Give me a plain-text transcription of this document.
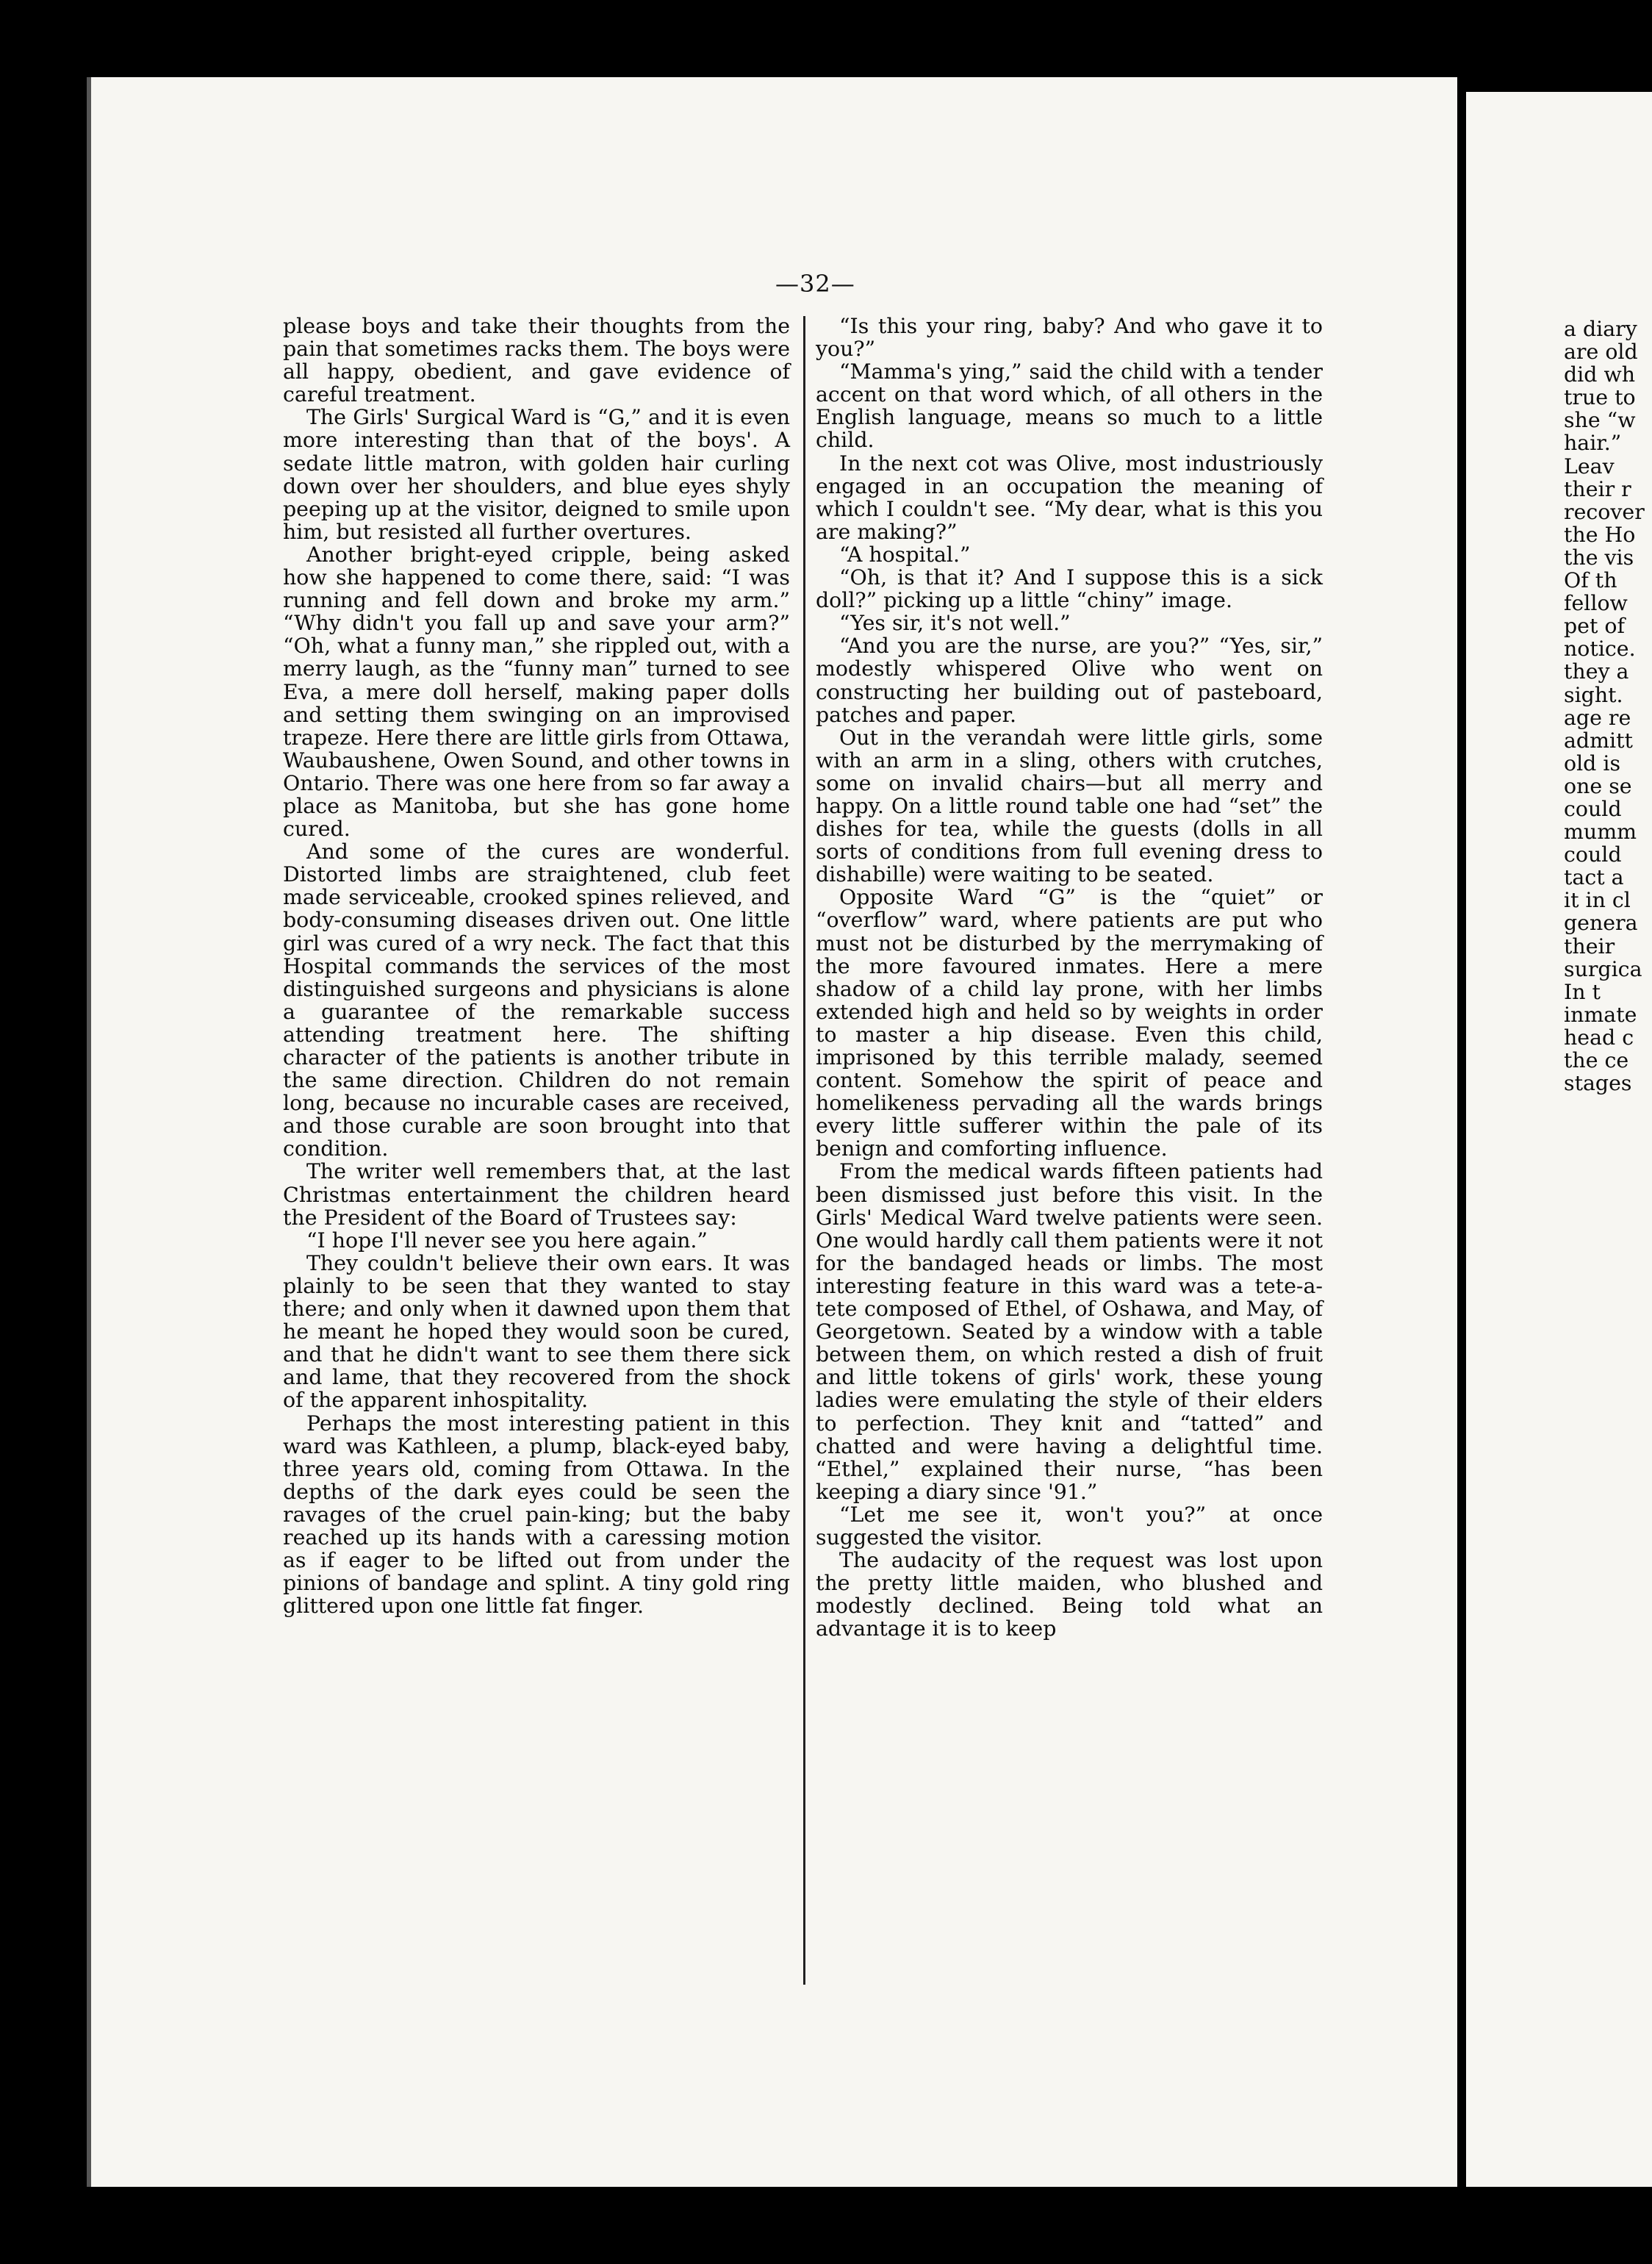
—32—

please boys and take their thoughts from the pain that sometimes racks them. The boys were all happy, obedient, and gave evidence of careful treatment.

The Girls' Surgical Ward is “G,” and it is even more interesting than that of the boys'. A sedate little matron, with golden hair curling down over her shoulders, and blue eyes shyly peeping up at the visitor, deigned to smile upon him, but resisted all further overtures.

Another bright-eyed cripple, being asked how she happened to come there, said: “I was running and fell down and broke my arm.” “Why didn't you fall up and save your arm?” “Oh, what a funny man,” she rippled out, with a merry laugh, as the “funny man” turned to see Eva, a mere doll herself, making paper dolls and setting them swinging on an improvised trapeze. Here there are little girls from Ottawa, Waubaushene, Owen Sound, and other towns in Ontario. There was one here from so far away a place as Manitoba, but she has gone home cured.

And some of the cures are wonderful. Distorted limbs are straightened, club feet made serviceable, crooked spines relieved, and body-consuming diseases driven out. One little girl was cured of a wry neck. The fact that this Hospital commands the services of the most distinguished surgeons and physicians is alone a guarantee of the remarkable success attending treatment here. The shifting character of the patients is another tribute in the same direction. Children do not remain long, because no incurable cases are received, and those curable are soon brought into that condition.

The writer well remembers that, at the last Christmas entertainment the children heard the President of the Board of Trustees say:

“I hope I'll never see you here again.”

They couldn't believe their own ears. It was plainly to be seen that they wanted to stay there; and only when it dawned upon them that he meant he hoped they would soon be cured, and that he didn't want to see them there sick and lame, that they recovered from the shock of the apparent inhospitality.

Perhaps the most interesting patient in this ward was Kathleen, a plump, black-eyed baby, three years old, coming from Ottawa. In the depths of the dark eyes could be seen the ravages of the cruel pain-king; but the baby reached up its hands with a caressing motion as if eager to be lifted out from under the pinions of bandage and splint. A tiny gold ring glittered upon one little fat finger.

“Is this your ring, baby? And who gave it to you?”

“Mamma's ying,” said the child with a tender accent on that word which, of all others in the English language, means so much to a little child.

In the next cot was Olive, most industriously engaged in an occupation the meaning of which I couldn't see. “My dear, what is this you are making?”

“A hospital.”

“Oh, is that it? And I suppose this is a sick doll?” picking up a little “chiny” image.

“Yes sir, it's not well.”

“And you are the nurse, are you?” “Yes, sir,” modestly whispered Olive who went on constructing her building out of pasteboard, patches and paper.

Out in the verandah were little girls, some with an arm in a sling, others with crutches, some on invalid chairs—but all merry and happy. On a little round table one had “set” the dishes for tea, while the guests (dolls in all sorts of conditions from full evening dress to dishabille) were waiting to be seated.

Opposite Ward “G” is the “quiet” or “overflow” ward, where patients are put who must not be disturbed by the merrymaking of the more favoured inmates. Here a mere shadow of a child lay prone, with her limbs extended high and held so by weights in order to master a hip disease. Even this child, imprisoned by this terrible malady, seemed content. Somehow the spirit of peace and homelikeness pervading all the wards brings every little sufferer within the pale of its benign and comforting influence.

From the medical wards fifteen patients had been dismissed just before this visit. In the Girls' Medical Ward twelve patients were seen. One would hardly call them patients were it not for the bandaged heads or limbs. The most interesting feature in this ward was a tete-a-tete composed of Ethel, of Oshawa, and May, of Georgetown. Seated by a window with a table between them, on which rested a dish of fruit and little tokens of girls' work, these young ladies were emulating the style of their elders to perfection. They knit and “tatted” and chatted and were having a delightful time. “Ethel,” explained their nurse, “has been keeping a diary since '91.”

“Let me see it, won't you?” at once suggested the visitor.

The audacity of the request was lost upon the pretty little maiden, who blushed and modestly declined. Being told what an advantage it is to keep

a diary
are old
did wh
true to
she “w
hair.”
Leav
their r
recover
the Ho
the vis
Of th
fellow
pet of
notice.
they a
sight.
age re
admitt
old is
one se
could
mumm
could
tact a
it in cl
genera
their
surgica
In t
inmate
head c
the ce
stages
